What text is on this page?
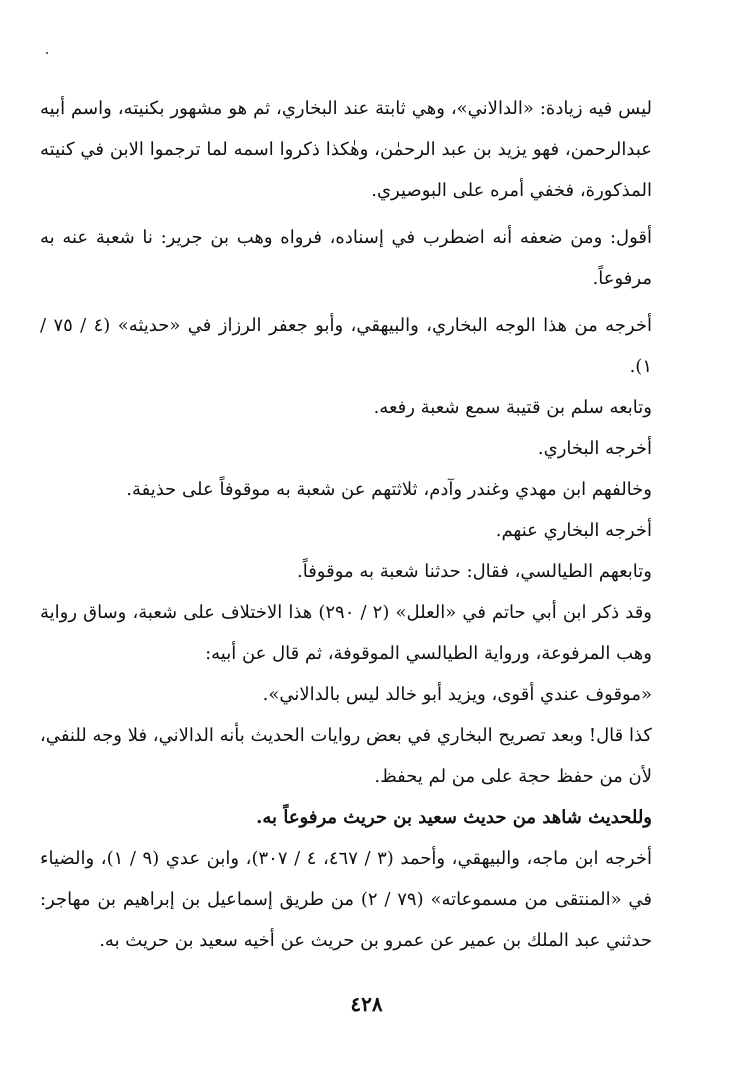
ليس فيه زيادة: «الدالاني»، وهي ثابتة عند البخاري، ثم هو مشهور بكنيته، واسم أبيه عبدالرحمن، فهو يزيد بن عبد الرحمٰن، وهٰكذا ذكروا اسمه لما ترجموا الابن في كنيته المذكورة، فخفي أمره على البوصيري.

أقول: ومن ضعفه أنه اضطرب في إسناده، فرواه وهب بن جرير: نا شعبة عنه به مرفوعاً.

أخرجه من هذا الوجه البخاري، والبيهقي، وأبو جعفر الرزاز في «حديثه» (٤ / ٧٥ / ١).

وتابعه سلم بن قتيبة سمع شعبة رفعه.

أخرجه البخاري.

وخالفهم ابن مهدي وغندر وآدم، ثلاثتهم عن شعبة به موقوفاً على حذيفة.

أخرجه البخاري عنهم.

وتابعهم الطيالسي، فقال: حدثنا شعبة به موقوفاً.

وقد ذكر ابن أبي حاتم في «العلل» (٢ / ٢٩٠) هذا الاختلاف على شعبة، وساق رواية وهب المرفوعة، ورواية الطيالسي الموقوفة، ثم قال عن أبيه:

«موقوف عندي أقوى، ويزيد أبو خالد ليس بالدالاني».

كذا قال! وبعد تصريح البخاري في بعض روايات الحديث بأنه الدالاني، فلا وجه للنفي، لأن من حفظ حجة على من لم يحفظ.

وللحديث شاهد من حديث سعيد بن حريث مرفوعاً به.

أخرجه ابن ماجه، والبيهقي، وأحمد (٣ / ٤٦٧، ٤ / ٣٠٧)، وابن عدي (٩ / ١)، والضياء في «المنتقى من مسموعاته» (٧٩ / ٢) من طريق إسماعيل بن إبراهيم بن مهاجر: حدثني عبد الملك بن عمير عن عمرو بن حريث عن أخيه سعيد بن حريث به.

٤٢٨
